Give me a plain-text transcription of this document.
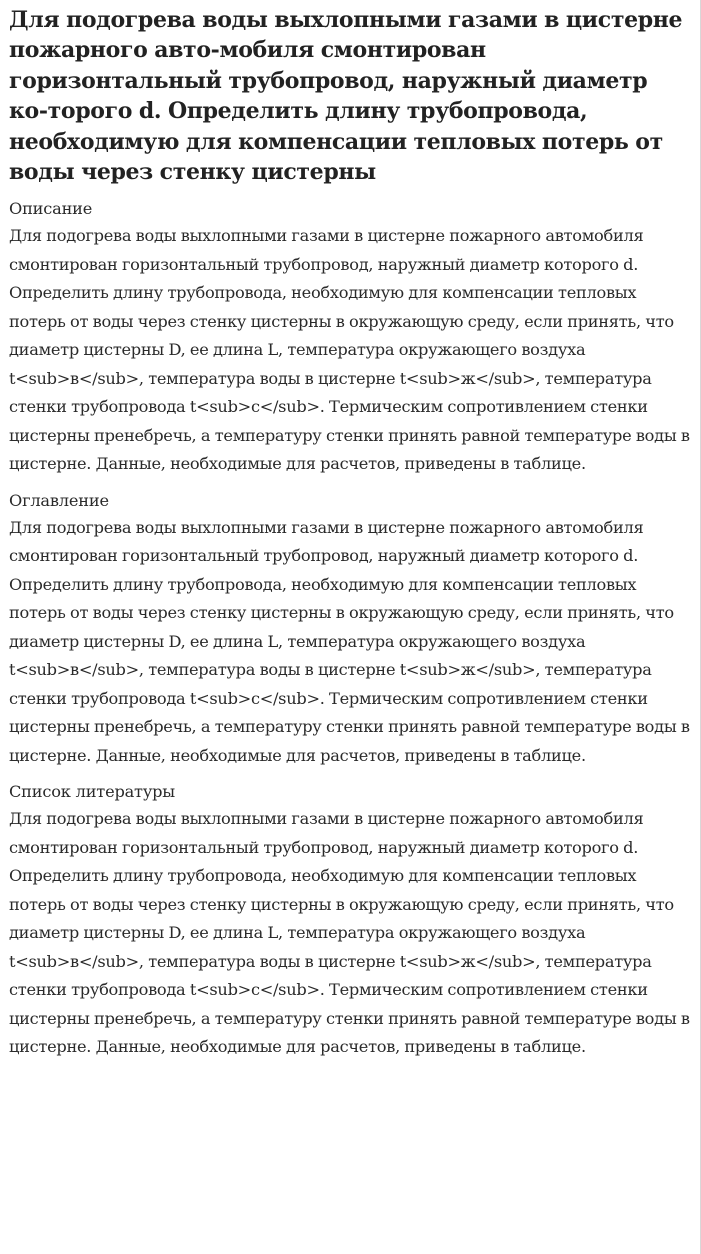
Для подогрева воды выхлопными газами в цистерне пожарного авто-мобиля смонтирован горизонтальный трубопровод, наружный диаметр ко-торого d. Определить длину трубопровода, необходимую для компенсации тепловых потерь от воды через стенку цистерны
Описание

Для подогрева воды выхлопными газами в цистерне пожарного автомобиля смонтирован горизонтальный трубопровод, наружный диаметр которого d. Определить длину трубопровода, необходимую для компенсации тепловых потерь от воды через стенку цистерны в окружающую среду, если принять, что диаметр цистерны D, ее длина L, температура окружающего воздуха t<sub>в</sub>, температура воды в цистерне t<sub>ж</sub>, температура стенки трубопровода t<sub>с</sub>. Термическим сопротивлением стенки цистерны пренебречь, а температуру стенки принять равной температуре воды в цистерне. Данные, необходимые для расчетов, приведены в таблице.

Оглавление

Для подогрева воды выхлопными газами в цистерне пожарного автомобиля смонтирован горизонтальный трубопровод, наружный диаметр которого d. Определить длину трубопровода, необходимую для компенсации тепловых потерь от воды через стенку цистерны в окружающую среду, если принять, что диаметр цистерны D, ее длина L, температура окружающего воздуха t<sub>в</sub>, температура воды в цистерне t<sub>ж</sub>, температура стенки трубопровода t<sub>с</sub>. Термическим сопротивлением стенки цистерны пренебречь, а температуру стенки принять равной температуре воды в цистерне. Данные, необходимые для расчетов, приведены в таблице.

Список литературы

Для подогрева воды выхлопными газами в цистерне пожарного автомобиля смонтирован горизонтальный трубопровод, наружный диаметр которого d. Определить длину трубопровода, необходимую для компенсации тепловых потерь от воды через стенку цистерны в окружающую среду, если принять, что диаметр цистерны D, ее длина L, температура окружающего воздуха t<sub>в</sub>, температура воды в цистерне t<sub>ж</sub>, температура стенки трубопровода t<sub>с</sub>. Термическим сопротивлением стенки цистерны пренебречь, а температуру стенки принять равной температуре воды в цистерне. Данные, необходимые для расчетов, приведены в таблице.
